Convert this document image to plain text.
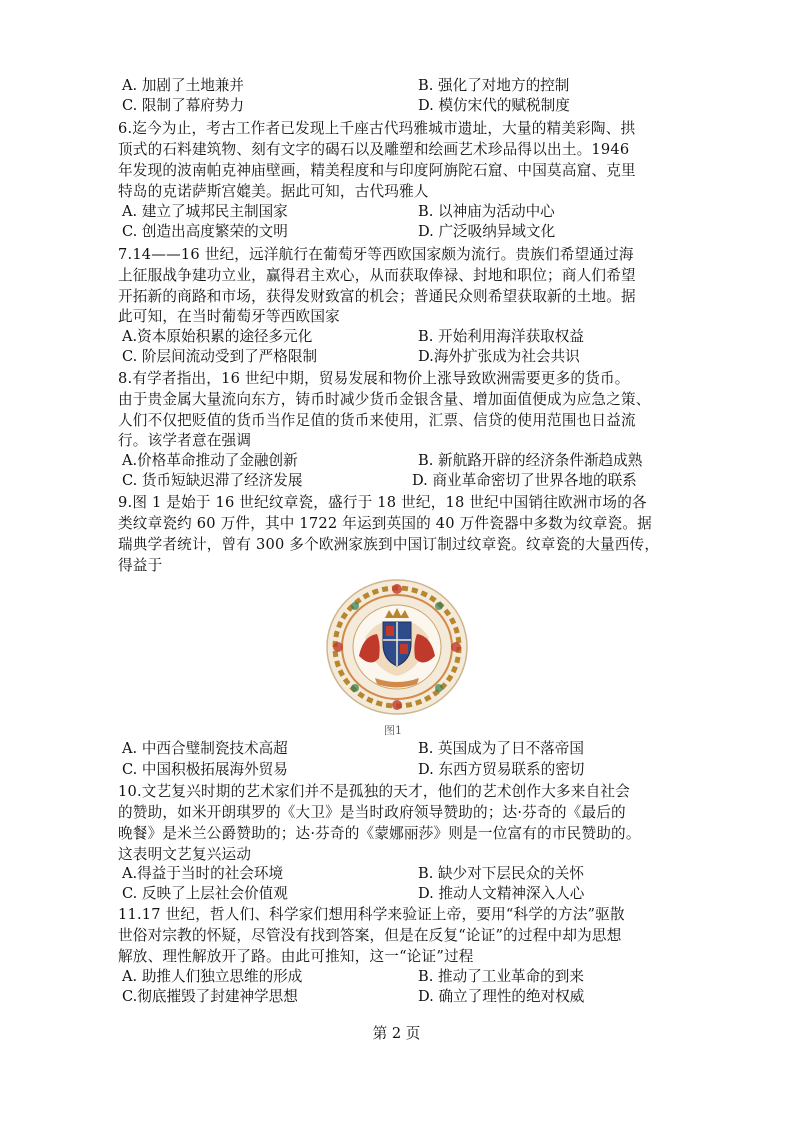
A. 加剧了土地兼并	B. 强化了对地方的控制
C. 限制了幕府势力	D. 模仿宋代的赋税制度
6.迄今为止，考古工作者已发现上千座古代玛雅城市遗址，大量的精美彩陶、拱
顶式的石料建筑物、刻有文字的碣石以及雕塑和绘画艺术珍品得以出土。1946
年发现的波南帕克神庙壁画，精美程度和与印度阿旃陀石窟、中国莫高窟、克里
特岛的克诺萨斯宫媲美。据此可知，古代玛雅人
A. 建立了城邦民主制国家	B. 以神庙为活动中心
C. 创造出高度繁荣的文明	D. 广泛吸纳异域文化
7.14——16 世纪，远洋航行在葡萄牙等西欧国家颇为流行。贵族们希望通过海
上征服战争建功立业，赢得君主欢心，从而获取俸禄、封地和职位；商人们希望
开拓新的商路和市场，获得发财致富的机会；普通民众则希望获取新的土地。据
此可知，在当时葡萄牙等西欧国家
A.资本原始积累的途径多元化	B. 开始利用海洋获取权益
C. 阶层间流动受到了严格限制	D.海外扩张成为社会共识
8.有学者指出，16 世纪中期，贸易发展和物价上涨导致欧洲需要更多的货币。
由于贵金属大量流向东方，铸币时减少货币金银含量、增加面值便成为应急之策、
人们不仅把贬值的货币当作足值的货币来使用，汇票、信贷的使用范围也日益流
行。该学者意在强调
A.价格革命推动了金融创新	B. 新航路开辟的经济条件渐趋成熟
C. 货币短缺迟滞了经济发展	D. 商业革命密切了世界各地的联系
9.图 1 是始于 16 世纪纹章瓷，盛行于 18 世纪，18 世纪中国销往欧洲市场的各
类纹章瓷约 60 万件，其中 1722 年运到英国的 40 万件瓷器中多数为纹章瓷。据
瑞典学者统计，曾有 300 多个欧洲家族到中国订制过纹章瓷。纹章瓷的大量西传，
得益于
图1
A. 中西合璧制瓷技术高超	B. 英国成为了日不落帝国
C. 中国积极拓展海外贸易	D. 东西方贸易联系的密切
10.文艺复兴时期的艺术家们并不是孤独的天才，他们的艺术创作大多来自社会
的赞助，如米开朗琪罗的《大卫》是当时政府领导赞助的；达·芬奇的《最后的
晚餐》是米兰公爵赞助的；达·芬奇的《蒙娜丽莎》则是一位富有的市民赞助的。
这表明文艺复兴运动
A.得益于当时的社会环境	B. 缺少对下层民众的关怀
C. 反映了上层社会价值观	D. 推动人文精神深入人心
11.17 世纪，哲人们、科学家们想用科学来验证上帝，要用“科学的方法”驱散
世俗对宗教的怀疑，尽管没有找到答案，但是在反复“论证”的过程中却为思想
解放、理性解放开了路。由此可推知，这一“论证”过程
A. 助推人们独立思维的形成	B. 推动了工业革命的到来
C.彻底摧毁了封建神学思想	D. 确立了理性的绝对权威
第 2 页
